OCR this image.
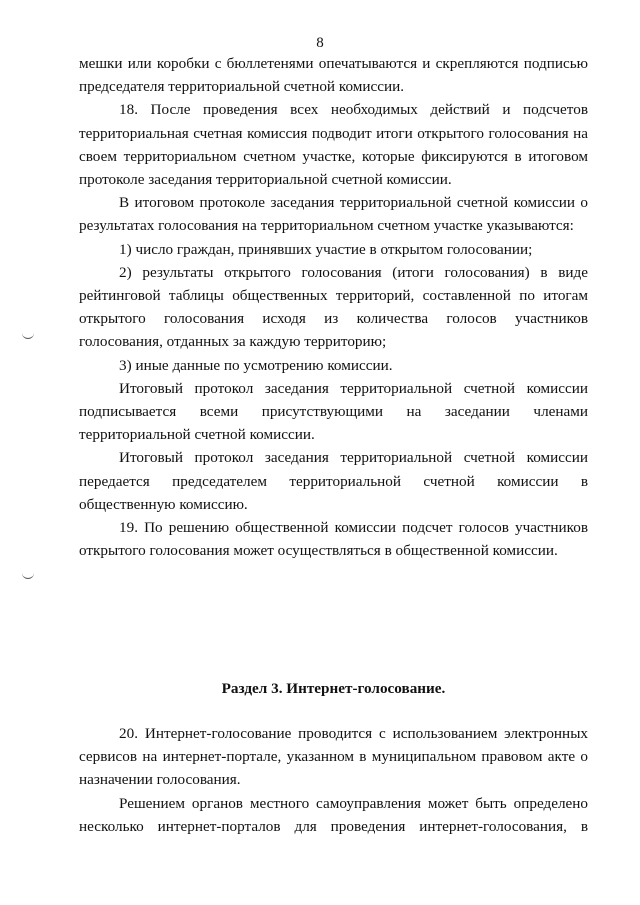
8

мешки или коробки с бюллетенями опечатываются и скрепляются подписью председателя территориальной счетной комиссии.

18. После проведения всех необходимых действий и подсчетов территориальная счетная комиссия подводит итоги открытого голосования на своем территориальном счетном участке, которые фиксируются в итоговом протоколе заседания территориальной счетной комиссии.

В итоговом протоколе заседания территориальной счетной комиссии о результатах голосования на территориальном счетном участке указываются:

1) число граждан, принявших участие в открытом голосовании;

2) результаты открытого голосования (итоги голосования) в виде рейтинговой таблицы общественных территорий, составленной по итогам открытого голосования исходя из количества голосов участников голосования, отданных за каждую территорию;

3) иные данные по усмотрению комиссии.

Итоговый протокол заседания территориальной счетной комиссии подписывается всеми присутствующими на заседании членами территориальной счетной комиссии.

Итоговый протокол заседания территориальной счетной комиссии передается председателем территориальной счетной комиссии в общественную комиссию.

19. По решению общественной комиссии подсчет голосов участников открытого голосования может осуществляться в общественной комиссии.

Раздел 3. Интернет-голосование.

20. Интернет-голосование проводится с использованием электронных сервисов на интернет-портале, указанном в муниципальном правовом акте о назначении голосования.

Решением органов местного самоуправления может быть определено несколько интернет-порталов для проведения интернет-голосования, в
